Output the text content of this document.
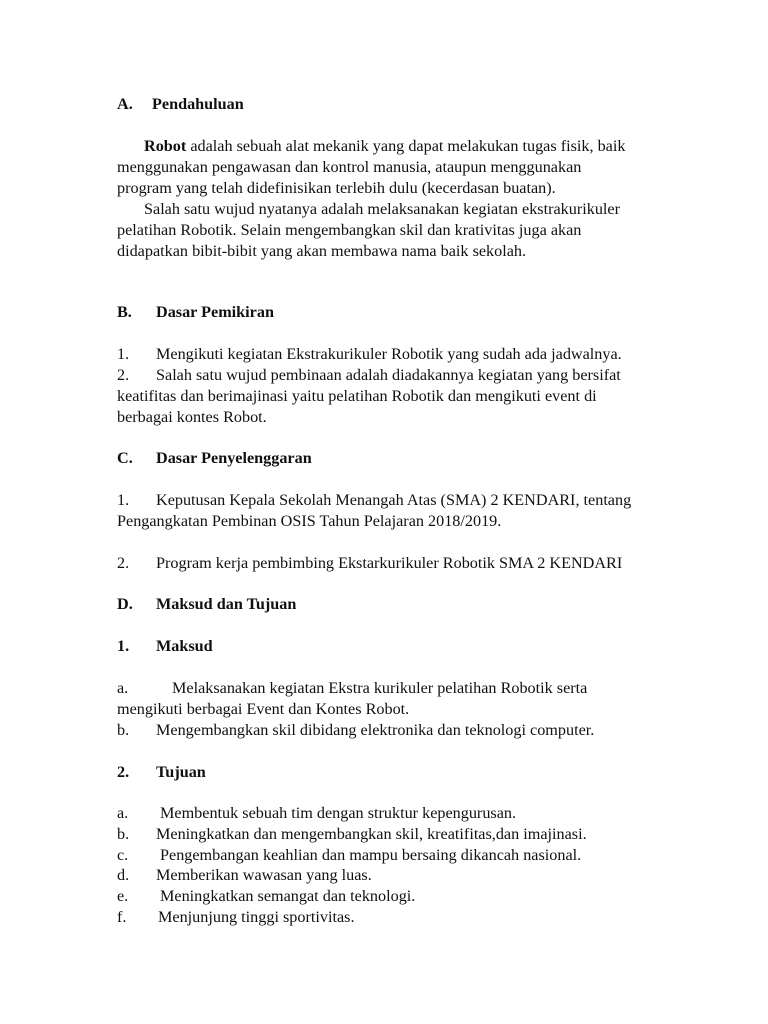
A. Pendahuluan
Robot adalah sebuah alat mekanik yang dapat melakukan tugas fisik, baik
menggunakan pengawasan dan kontrol manusia, ataupun menggunakan
program yang telah didefinisikan terlebih dulu (kecerdasan buatan).
Salah satu wujud nyatanya adalah melaksanakan kegiatan ekstrakurikuler
pelatihan Robotik. Selain mengembangkan skil dan krativitas juga akan
didapatkan bibit-bibit yang akan membawa nama baik sekolah.
B. Dasar Pemikiran
1. Mengikuti kegiatan Ekstrakurikuler Robotik yang sudah ada jadwalnya.
2. Salah satu wujud pembinaan adalah diadakannya kegiatan yang bersifat
keatifitas dan berimajinasi yaitu pelatihan Robotik dan mengikuti event di
berbagai kontes Robot.
C. Dasar Penyelenggaran
1. Keputusan Kepala Sekolah Menangah Atas (SMA) 2 KENDARI, tentang
Pengangkatan Pembinan OSIS Tahun Pelajaran 2018/2019.
2. Program kerja pembimbing Ekstarkurikuler Robotik SMA 2 KENDARI
D. Maksud dan Tujuan
1. Maksud
a.	Melaksanakan kegiatan Ekstra kurikuler pelatihan Robotik serta
mengikuti berbagai Event dan Kontes Robot.
b. Mengembangkan skil dibidang elektronika dan teknologi computer.
2. Tujuan
a. Membentuk sebuah tim dengan struktur kepengurusan.
b. Meningkatkan dan mengembangkan skil, kreatifitas,dan imajinasi.
c. Pengembangan keahlian dan mampu bersaing dikancah nasional.
d. Memberikan wawasan yang luas.
e. Meningkatkan semangat dan teknologi.
f. Menjunjung tinggi sportivitas.
